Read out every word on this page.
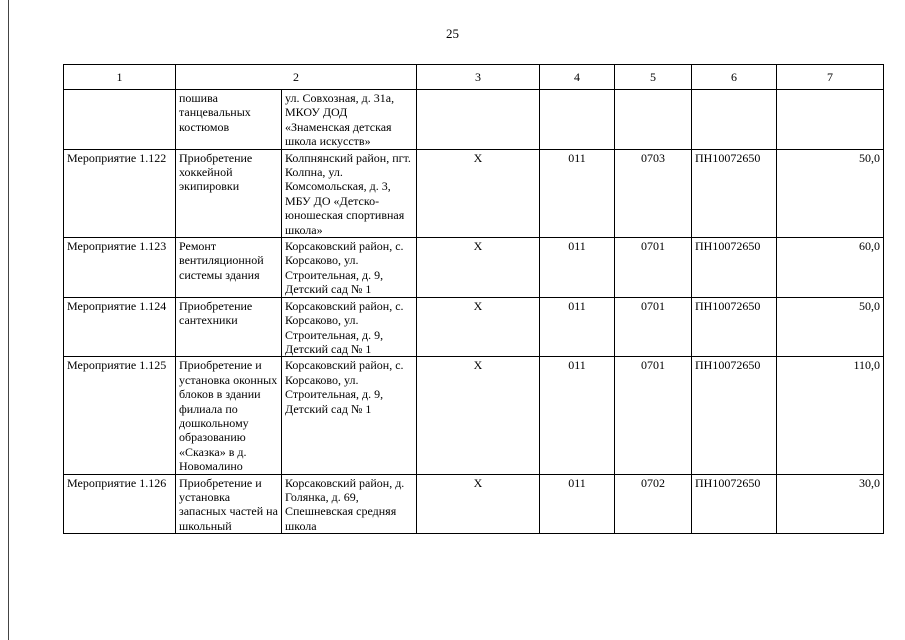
25
1	2		3	4	5	6	7
	пошива танцевальных костюмов	ул. Совхозная, д. 31а, МКОУ ДОД «Знаменская детская школа искусств»					
Мероприятие 1.122	Приобретение хоккейной экипировки	Колпнянский район, пгт. Колпна, ул. Комсомольская, д. 3, МБУ ДО «Детско-юношеская спортивная школа»	Х	011	0703	ПН10072650	50,0
Мероприятие 1.123	Ремонт вентиляционной системы здания	Корсаковский район, с. Корсаково, ул. Строительная, д. 9, Детский сад № 1	Х	011	0701	ПН10072650	60,0
Мероприятие 1.124	Приобретение сантехники	Корсаковский район, с. Корсаково, ул. Строительная, д. 9, Детский сад № 1	Х	011	0701	ПН10072650	50,0
Мероприятие 1.125	Приобретение и установка оконных блоков в здании филиала по дошкольному образованию «Сказка» в д. Новомалино	Корсаковский район, с. Корсаково, ул. Строительная, д. 9, Детский сад № 1	Х	011	0701	ПН10072650	110,0
Мероприятие 1.126	Приобретение и установка запасных частей на школьный	Корсаковский район, д. Голянка, д. 69, Спешневская средняя школа	Х	011	0702	ПН10072650	30,0
